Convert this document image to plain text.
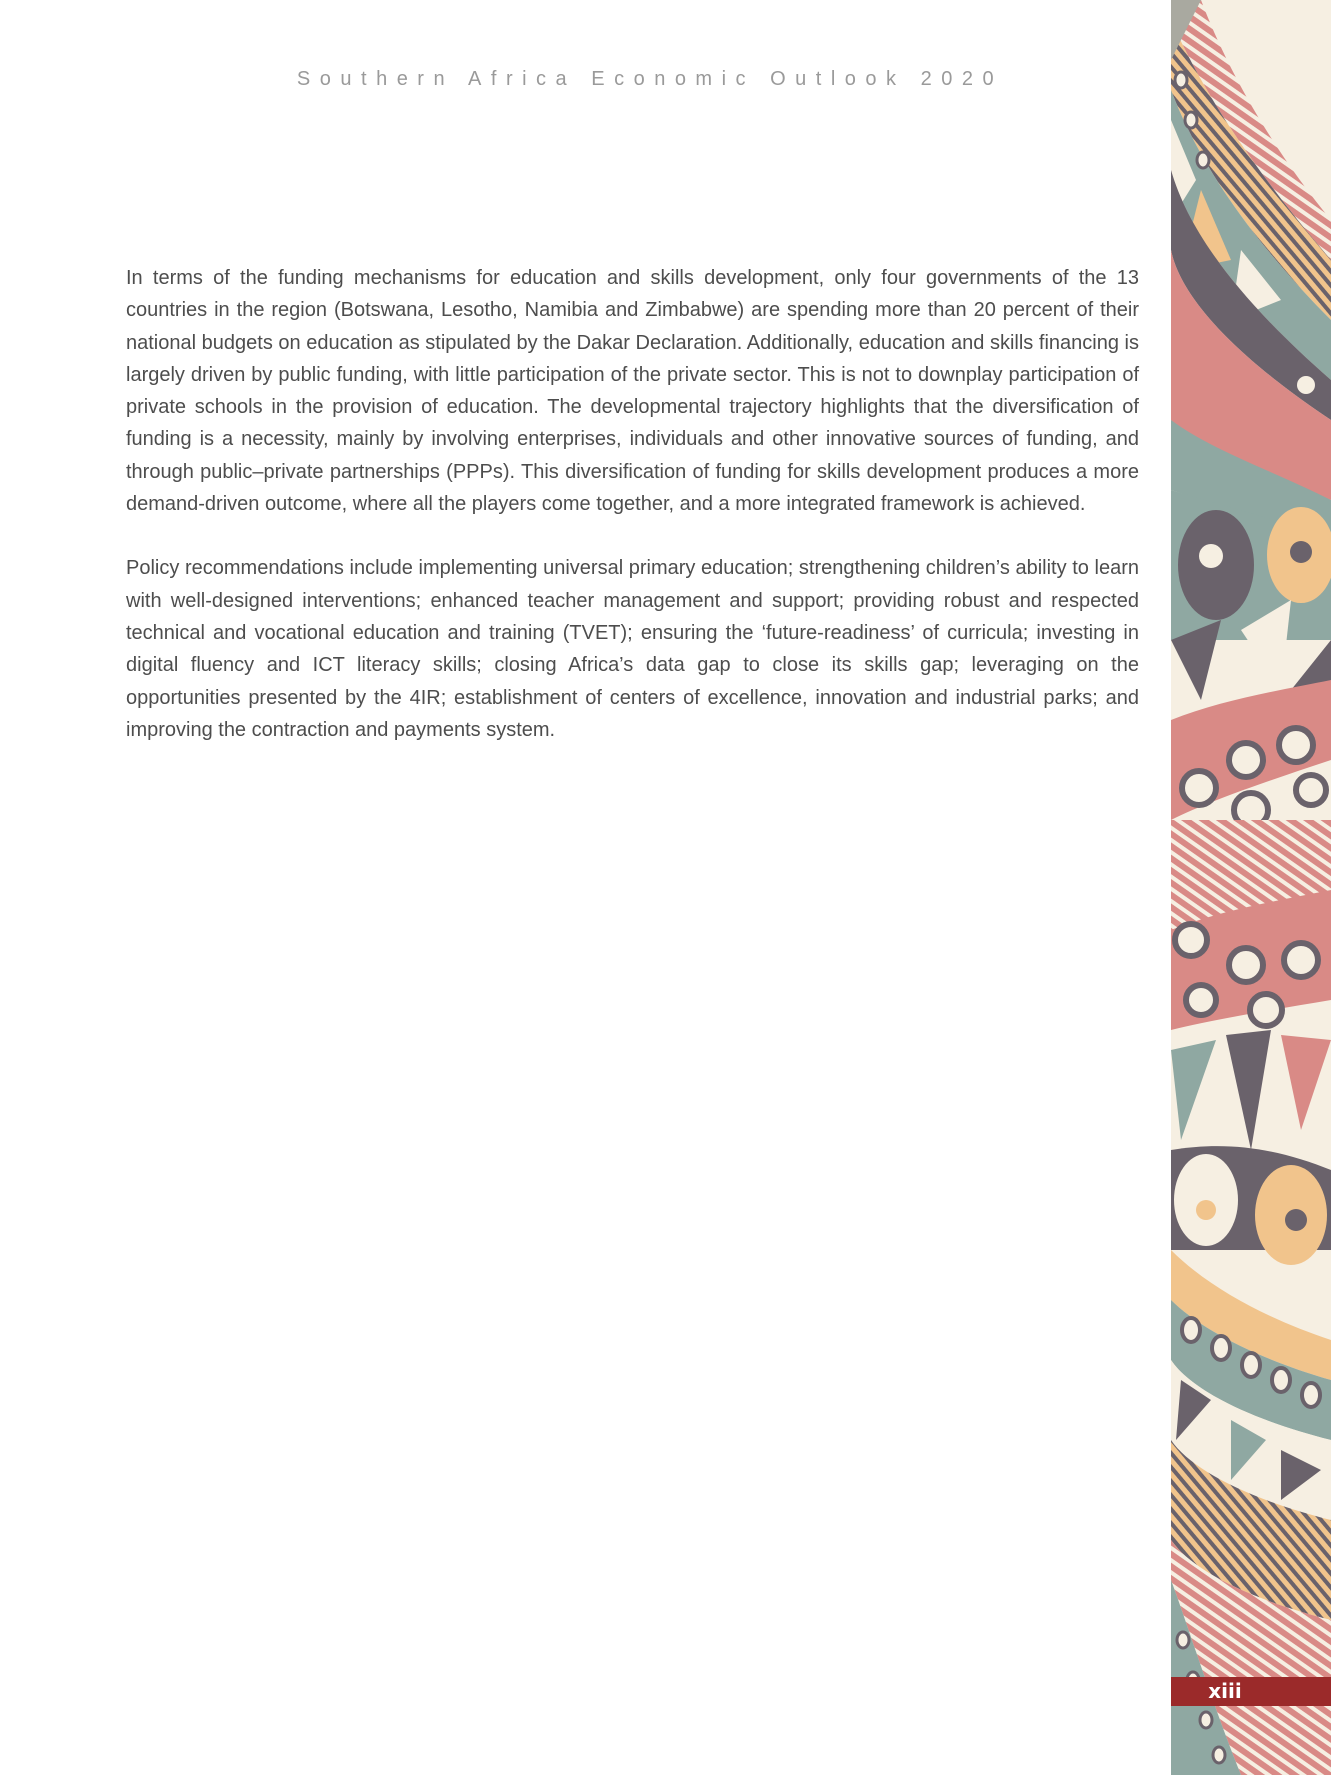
Southern Africa Economic Outlook 2020

In terms of the funding mechanisms for education and skills development, only four governments of the 13 countries in the region (Botswana, Lesotho, Namibia and Zimbabwe) are spending more than 20 percent of their national budgets on education as stipulated by the Dakar Declaration. Additionally, education and skills financing is largely driven by public funding, with little participation of the private sector. This is not to downplay participation of private schools in the provision of education. The developmental trajectory highlights that the diversification of funding is a necessity, mainly by involving enterprises, individuals and other innovative sources of funding, and through public–private partnerships (PPPs). This diversification of funding for skills development produces a more demand-driven outcome, where all the players come together, and a more integrated framework is achieved.

Policy recommendations include implementing universal primary education; strengthening children’s ability to learn with well-designed interventions; enhanced teacher management and support; providing robust and respected technical and vocational education and training (TVET); ensuring the ‘future-readiness’ of curricula; investing in digital fluency and ICT literacy skills; closing Africa’s data gap to close its skills gap; leveraging on the opportunities presented by the 4IR; establishment of centers of excellence, innovation and industrial parks; and improving the contraction and payments system.

xiii
